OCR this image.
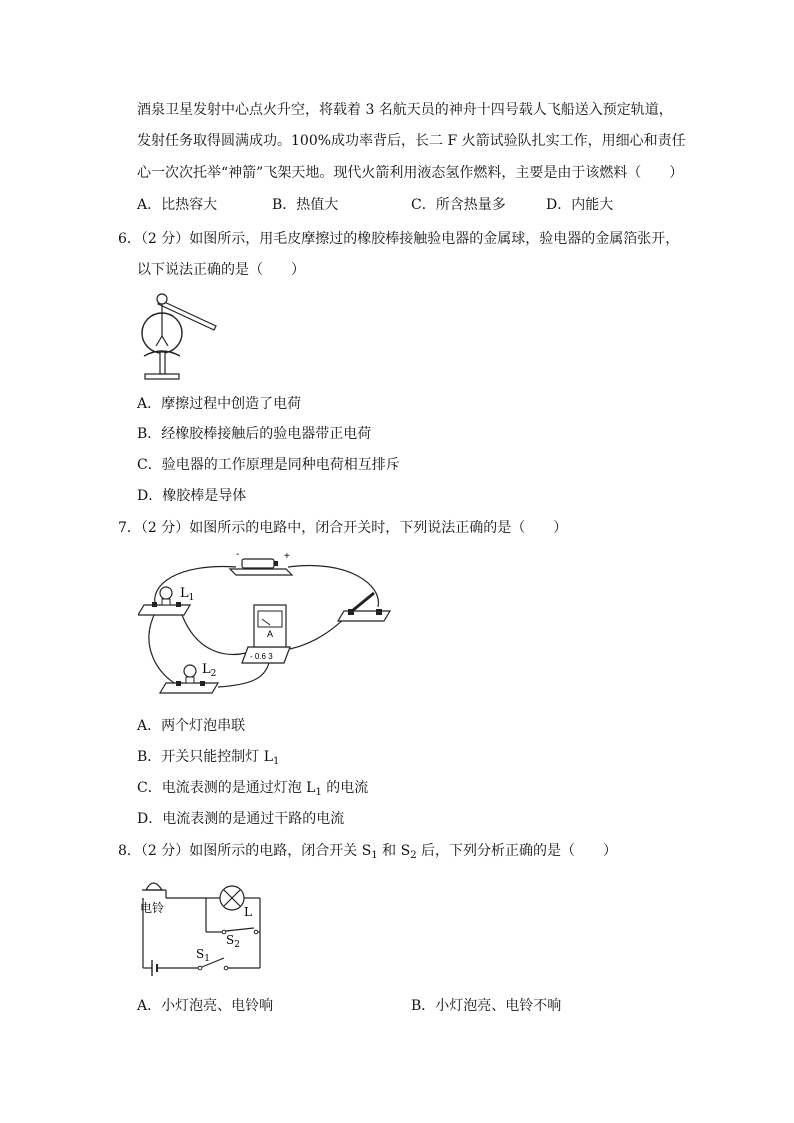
酒泉卫星发射中心点火升空，将载着 3 名航天员的神舟十四号载人飞船送入预定轨道，
发射任务取得圆满成功。100%成功率背后，长二 F 火箭试验队扎实工作，用细心和责任
心一次次托举“神箭”飞架天地。现代火箭利用液态氢作燃料，主要是由于该燃料（　　）
A．比热容大	B．热值大	C．所含热量多	D．内能大
6．（2 分）如图所示，用毛皮摩擦过的橡胶棒接触验电器的金属球，验电器的金属箔张开，
以下说法正确的是（　　）
A．摩擦过程中创造了电荷
B．经橡胶棒接触后的验电器带正电荷
C．验电器的工作原理是同种电荷相互排斥
D．橡胶棒是导体
7．（2 分）如图所示的电路中，闭合开关时，下列说法正确的是（　　）
-	+
$L_1$
$L_2$
A
- 0.6 3
A．两个灯泡串联
B．开关只能控制灯 $L_1$
C．电流表测的是通过灯泡 $L_1$ 的电流
D．电流表测的是通过干路的电流
8．（2 分）如图所示的电路，闭合开关 $S_1$ 和 $S_2$ 后，下列分析正确的是（　　）
电铃	L
$S_2$
$S_1$
A．小灯泡亮、电铃响	B．小灯泡亮、电铃不响
